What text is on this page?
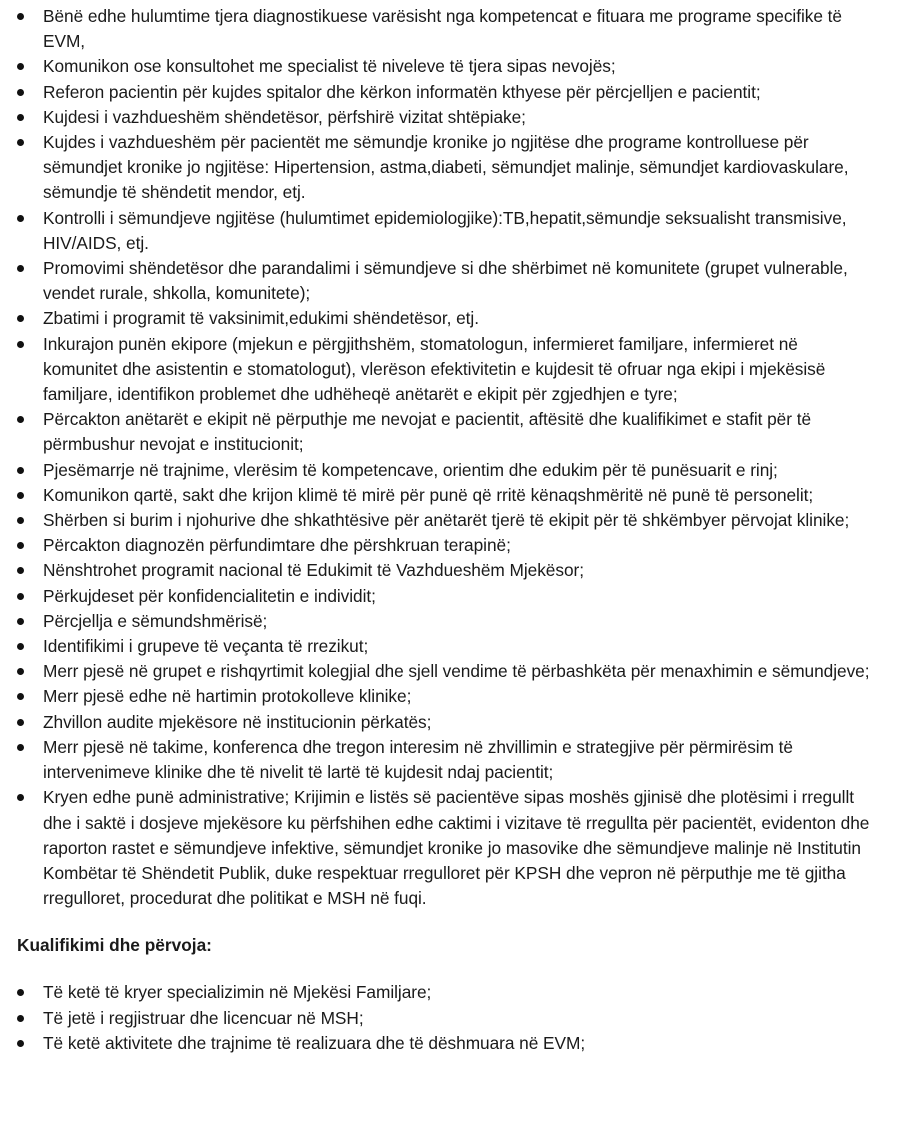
Bënë edhe hulumtime tjera diagnostikuese varësisht nga kompetencat e fituara me programe specifike të EVM,
Komunikon ose konsultohet me specialist të niveleve të tjera sipas nevojës;
Referon pacientin për kujdes spitalor dhe kërkon informatën kthyese për përcjelljen e pacientit;
Kujdesi i vazhdueshëm shëndetësor, përfshirë vizitat shtëpiake;
Kujdes i vazhdueshëm për pacientët me sëmundje kronike jo ngjitëse dhe programe kontrolluese për sëmundjet kronike jo ngjitëse: Hipertension, astma,diabeti, sëmundjet malinje, sëmundjet kardiovaskulare, sëmundje të shëndetit mendor, etj.
Kontrolli i sëmundjeve ngjitëse (hulumtimet epidemiologjike):TB,hepatit,sëmundje seksualisht transmisive, HIV/AIDS, etj.
Promovimi shëndetësor dhe parandalimi i sëmundjeve si dhe shërbimet në komunitete (grupet vulnerable, vendet rurale, shkolla, komunitete);
Zbatimi i programit të vaksinimit,edukimi shëndetësor, etj.
Inkurajon punën ekipore (mjekun e përgjithshëm, stomatologun, infermieret familjare, infermieret në komunitet dhe asistentin e stomatologut), vlerëson efektivitetin e kujdesit të ofruar nga ekipi i mjekësisë familjare, identifikon problemet dhe udhëheqë anëtarët e ekipit për zgjedhjen e tyre;
Përcakton anëtarët e ekipit në përputhje me nevojat e pacientit, aftësitë dhe kualifikimet e stafit për të përmbushur nevojat e institucionit;
Pjesëmarrje në trajnime, vlerësim të kompetencave, orientim dhe edukim për të punësuarit e rinj;
Komunikon qartë, sakt dhe krijon klimë të mirë për punë që rritë kënaqshmëritë në punë të personelit;
Shërben si burim i njohurive dhe shkathtësive për anëtarët tjerë të ekipit për të shkëmbyer përvojat klinike;
Përcakton diagnozën përfundimtare dhe përshkruan terapinë;
Nënshtrohet programit nacional të Edukimit të Vazhdueshëm Mjekësor;
Përkujdeset për konfidencialitetin e individit;
Përcjellja e sëmundshmërisë;
Identifikimi i grupeve të veçanta të rrezikut;
Merr pjesë në grupet e rishqyrtimit kolegjial dhe sjell vendime të përbashkëta për menaxhimin e sëmundjeve;
Merr pjesë edhe në hartimin protokolleve klinike;
Zhvillon audite mjekësore në institucionin përkatës;
Merr pjesë në takime, konferenca dhe tregon interesim në zhvillimin e strategjive për përmirësim të intervenimeve klinike dhe të nivelit të lartë të kujdesit ndaj pacientit;
Kryen edhe punë administrative; Krijimin e listës së pacientëve sipas moshës gjinisë dhe plotësimi i rregullt dhe i saktë i dosjeve mjekësore ku përfshihen edhe caktimi i vizitave të rregullta për pacientët, evidenton dhe raporton rastet e sëmundjeve infektive, sëmundjet kronike jo masovike dhe sëmundjeve malinje në Institutin Kombëtar të Shëndetit Publik, duke respektuar rregulloret për KPSH dhe vepron në përputhje me të gjitha rregulloret, procedurat dhe politikat e MSH në fuqi.
Kualifikimi dhe përvoja:
Të ketë të kryer specializimin në Mjekësi Familjare;
Të jetë i regjistruar dhe licencuar në MSH;
Të ketë aktivitete dhe trajnime të realizuara dhe të dëshmuara në EVM;
